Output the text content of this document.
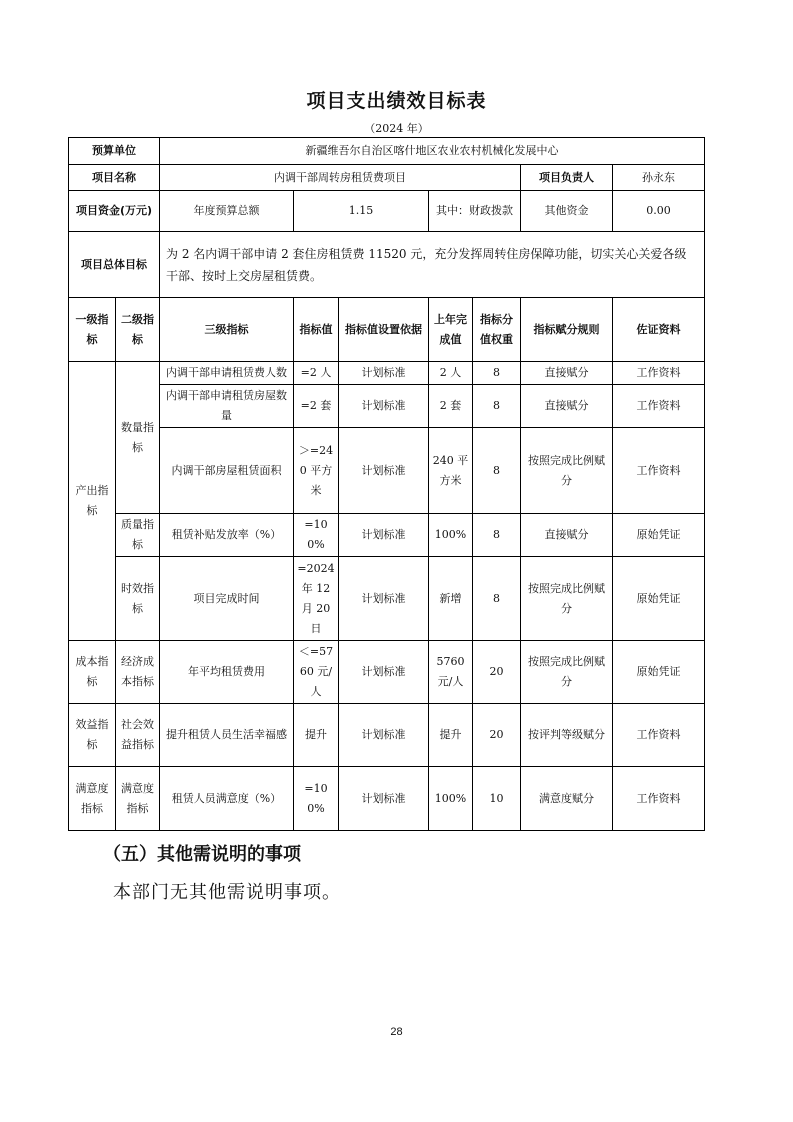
项目支出绩效目标表
（2024 年）
预算单位		新疆维吾尔自治区喀什地区农业农村机械化发展中心						
项目名称		内调干部周转房租赁费项目					项目负责人	孙永东
项目资金(万元)		年度预算总额	1.15		其中：财政拨款		其他资金	0.00
项目总体目标		为 2 名内调干部申请 2 套住房租赁费 11520 元，充分发挥周转住房保障功能，切实关心关爱各级干部、按时上交房屋租赁费。						
一级指标	二级指标	三级指标	指标值	指标值设置依据	上年完成值	指标分值权重	指标赋分规则	佐证资料
产出指标	数量指标	内调干部申请租赁费人数	=2 人	计划标准	2 人	8	直接赋分	工作资料
		内调干部申请租赁房屋数量	=2 套	计划标准	2 套	8	直接赋分	工作资料
		内调干部房屋租赁面积	＞=240 平方米	计划标准	240 平方米	8	按照完成比例赋分	工作资料
	质量指标	租赁补贴发放率（%）	=100%	计划标准	100%	8	直接赋分	原始凭证
	时效指标	项目完成时间	=2024 年 12 月 20 日	计划标准	新增	8	按照完成比例赋分	原始凭证
成本指标	经济成本指标	年平均租赁费用	＜=5760 元/人	计划标准	5760 元/人	20	按照完成比例赋分	原始凭证
效益指标	社会效益指标	提升租赁人员生活幸福感	提升	计划标准	提升	20	按评判等级赋分	工作资料
满意度指标	满意度指标	租赁人员满意度（%）	=100%	计划标准	100%	10	满意度赋分	工作资料
（五）其他需说明的事项
本部门无其他需说明事项。
28
